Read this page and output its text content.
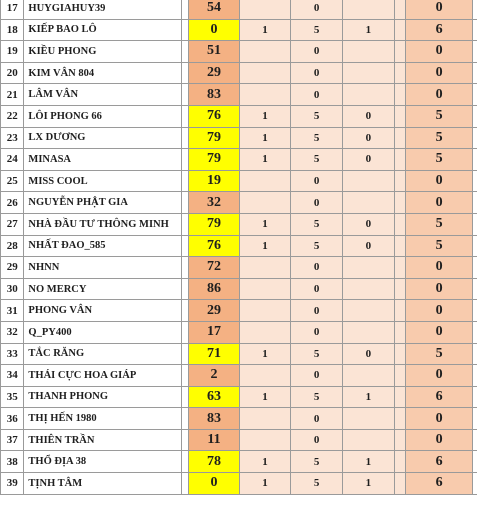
17	HUYGIAHUY39		54		0			0	
18	KIẾP BAO LÔ		0	1	5	1		6	
19	KIỀU PHONG		51		0			0	
20	KIM VÂN 804		29		0			0	
21	LÂM VÂN		83		0			0	
22	LÔI PHONG 66		76	1	5	0		5	
23	LX DƯƠNG		79	1	5	0		5	
24	MINASA		79	1	5	0		5	
25	MISS COOL		19		0			0	
26	NGUYỄN PHẬT GIA		32		0			0	
27	NHÀ ĐẦU TƯ THÔNG MINH		79	1	5	0		5	
28	NHẤT ĐAO_585		76	1	5	0		5	
29	NHNN		72		0			0	
30	NO MERCY		86		0			0	
31	PHONG VÂN		29		0			0	
32	Q_PY400		17		0			0	
33	TẮC RĂNG		71	1	5	0		5	
34	THÁI CỰC HOA GIÁP		2		0			0	
35	THANH PHONG		63	1	5	1		6	
36	THỊ HẾN 1980		83		0			0	
37	THIÊN TRẦN		11		0			0	
38	THỔ ĐỊA 38		78	1	5	1		6	
39	TỊNH TÂM		0	1	5	1		6	
